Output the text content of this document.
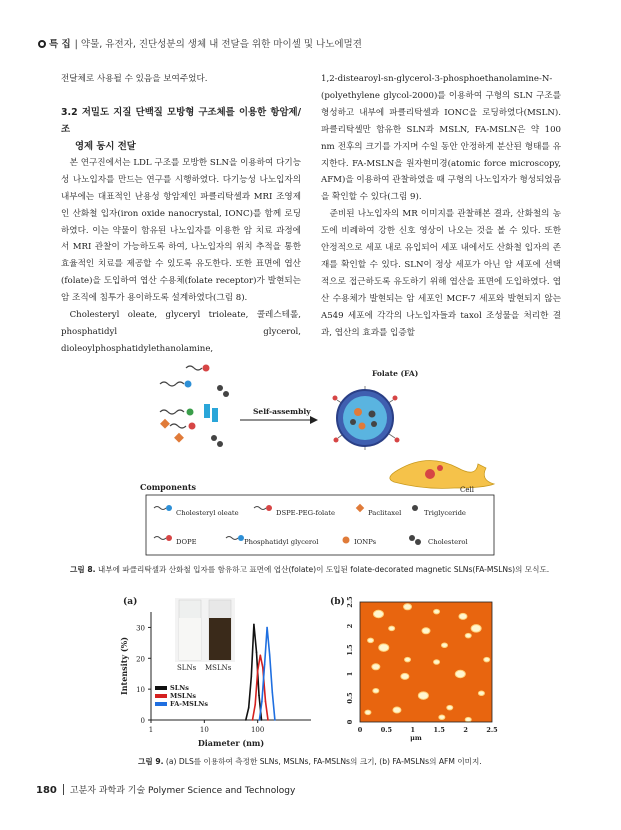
특 집 | 약물, 유전자, 진단성분의 생체 내 전달을 위한 마이셀 및 나노에멀젼

전달체로 사용될 수 있음을 보여주었다.

3.2 저밀도 지질 단백질 모방형 구조체를 이용한 항암제/조

영제 동시 전달

본 연구진에서는 LDL 구조를 모방한 SLN을 이용하여 다기능성 나노입자를 만드는 연구를 시행하였다. 다기능성 나노입자의 내부에는 대표적인 난용성 항암제인 파클리탁셀과 MRI 조영제인 산화철 입자(iron oxide nanocrystal, IONC)를 함께 로딩하였다. 이는 약물이 함유된 나노입자를 이용한 암 치료 과정에서 MRI 관찰이 가능하도록 하여, 나노입자의 위치 추적을 통한 효율적인 치료를 제공할 수 있도록 유도한다. 또한 표면에 엽산(folate)을 도입하여 엽산 수용체(folate receptor)가 발현되는 암 조직에 침투가 용이하도록 설계하였다(그림 8).

Cholesteryl oleate, glyceryl trioleate, 콜레스테롤, phosphatidyl glycerol, dioleoylphosphatidylethanolamine,

1,2-distearoyl-sn-glycerol-3-phosphoethanolamine-N-(polyethylene glycol-2000)를 이용하여 구형의 SLN 구조를 형성하고 내부에 파클리탁셀과 IONC을 로딩하였다(MSLN). 파클리탁셀만 함유한 SLN과 MSLN, FA-MSLN은 약 100 nm 전후의 크기를 가지며 수일 동안 안정하게 분산된 형태를 유지한다. FA-MSLN을 원자현미경(atomic force microscopy, AFM)을 이용하여 관찰하였을 때 구형의 나노입자가 형성되었음을 확인할 수 있다(그림 9).

준비된 나노입자의 MR 이미지를 관찰해본 결과, 산화철의 농도에 비례하여 강한 신호 영상이 나오는 것을 볼 수 있다. 또한 안정적으로 세포 내로 유입되어 세포 내에서도 산화철 입자의 존재를 확인할 수 있다. SLN이 정상 세포가 아닌 암 세포에 선택적으로 접근하도록 유도하기 위해 엽산을 표면에 도입하였다. 엽산 수용체가 발현되는 암 세포인 MCF-7 세포와 발현되지 않는 A549 세포에 각각의 나노입자들과 taxol 조성물을 처리한 결과, 엽산의 효과를 입증할

Self-assembly
Folate (FA)
Cell
Components
Cholesteryl oleate	DSPE-PEG-folate	Paclitaxel	Triglyceride
DOPE	Phosphatidyl glycerol	IONPs	Cholesterol
그림 8. 내부에 파클리탁셀과 산화철 입자를 함유하고 표면에 엽산(folate)이 도입된 folate-decorated magnetic SLNs(FA-MSLNs)의 모식도.
(a)
SLNs MSLNs
0
10
20
30
1	10	100
Diameter (nm)
Intensity (%)	SLNs
MSLNs
FA-MSLNs
(b)
0	0.5	1	1.5	2	2.5
0
0.5
1
1.5
2
2.5
μm
그림 9. (a) DLS를 이용하여 측정한 SLNs, MSLNs, FA-MSLNs의 크기, (b) FA-MSLNs의 AFM 이미지.
180 고분자 과학과 기술 Polymer Science and Technology
